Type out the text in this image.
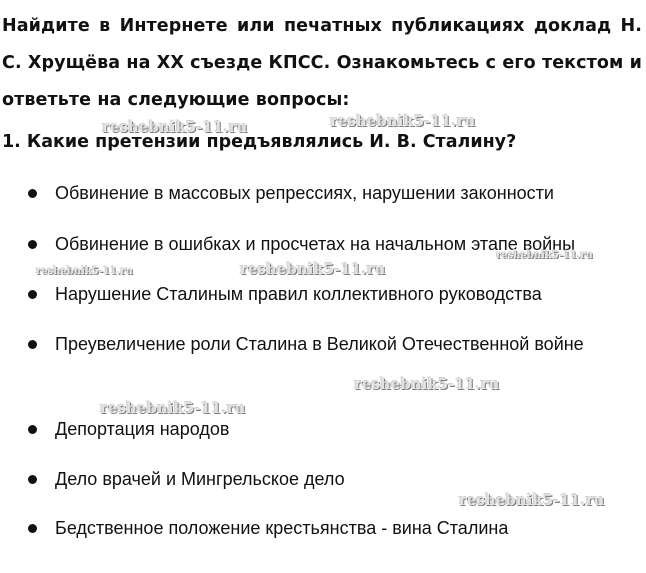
Найдите в Интернете или печатных публикациях доклад Н. С. Хрущёва на XX съезде КПСС. Ознакомьтесь с его текстом и ответьте на следующие вопросы:
1. Какие претензии предъявлялись И. В. Сталину?
Обвинение в массовых репрессиях, нарушении законности
Обвинение в ошибках и просчетах на начальном этапе войны
Нарушение Сталиным правил коллективного руководства
Преувеличение роли Сталина в Великой Отечественной войне
Депортация народов
Дело врачей и Мингрельское дело
Бедственное положение крестьянства - вина Сталина
reshebnik5-11.ru	reshebnik5-11.ru
reshebnik5-11.ru	reshebnik5-11.ru
reshebnik5-11.ru
reshebnik5-11.ru
reshebnik5-11.ru
reshebnik5-11.ru
